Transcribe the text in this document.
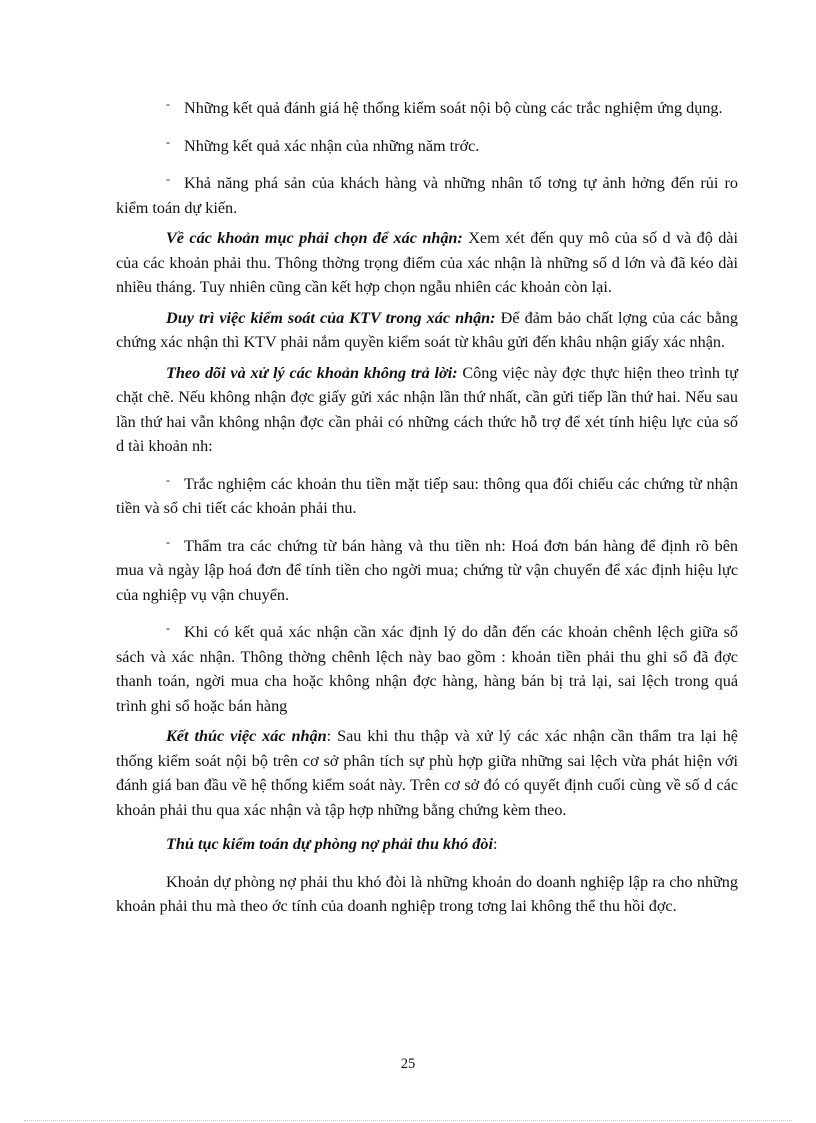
- Những kết quả đánh giá hệ thống kiểm soát nội bộ cùng các trắc nghiệm ứng dụng.

- Những kết quả xác nhận của những năm trớc.

- Khả năng phá sản của khách hàng và những nhân tố tơng tự ảnh hởng đến rủi ro kiểm toán dự kiến.

Về các khoản mục phải chọn để xác nhận: Xem xét đến quy mô của số d và độ dài của các khoản phải thu. Thông thờng trọng điểm của xác nhận là những số d lớn và đã kéo dài nhiều tháng. Tuy nhiên cũng cần kết hợp chọn ngẫu nhiên các khoản còn lại.

Duy trì việc kiểm soát của KTV trong xác nhận: Để đảm bảo chất lợng của các bằng chứng xác nhận thì KTV phải nắm quyền kiểm soát từ khâu gửi đến khâu nhận giấy xác nhận.

Theo dõi và xử lý các khoản không trả lời: Công việc này đợc thực hiện theo trình tự chặt chẽ. Nếu không nhận đợc giấy gửi xác nhận lần thứ nhất, cần gửi tiếp lần thứ hai. Nếu sau lần thứ hai vẫn không nhận đợc cần phải có những cách thức hỗ trợ để xét tính hiệu lực của số d tài khoản nh:

- Trắc nghiệm các khoản thu tiền mặt tiếp sau: thông qua đối chiếu các chứng từ nhận tiền và sổ chi tiết các khoản phải thu.

- Thẩm tra các chứng từ bán hàng và thu tiền nh: Hoá đơn bán hàng để định rõ bên mua và ngày lập hoá đơn để tính tiền cho ngời mua; chứng từ vận chuyển để xác định hiệu lực của nghiệp vụ vận chuyển.

- Khi có kết quả xác nhận cần xác định lý do dẫn đến các khoản chênh lệch giữa sổ sách và xác nhận. Thông thờng chênh lệch này bao gồm : khoản tiền phải thu ghi sổ đã đợc thanh toán, ngời mua cha hoặc không nhận đợc hàng, hàng bán bị trả lại, sai lệch trong quá trình ghi sổ hoặc bán hàng

Kết thúc việc xác nhận: Sau khi thu thập và xử lý các xác nhận cần thẩm tra lại hệ thống kiểm soát nội bộ trên cơ sở phân tích sự phù hợp giữa những sai lệch vừa phát hiện với đánh giá ban đầu về hệ thống kiểm soát này. Trên cơ sở đó có quyết định cuối cùng về số d các khoản phải thu qua xác nhận và tập hợp những bằng chứng kèm theo.

Thủ tục kiểm toán dự phòng nợ phải thu khó đòi:

Khoản dự phòng nợ phải thu khó đòi là những khoản do doanh nghiệp lập ra cho những khoản phải thu mà theo ớc tính của doanh nghiệp trong tơng lai không thể thu hồi đợc.

25
